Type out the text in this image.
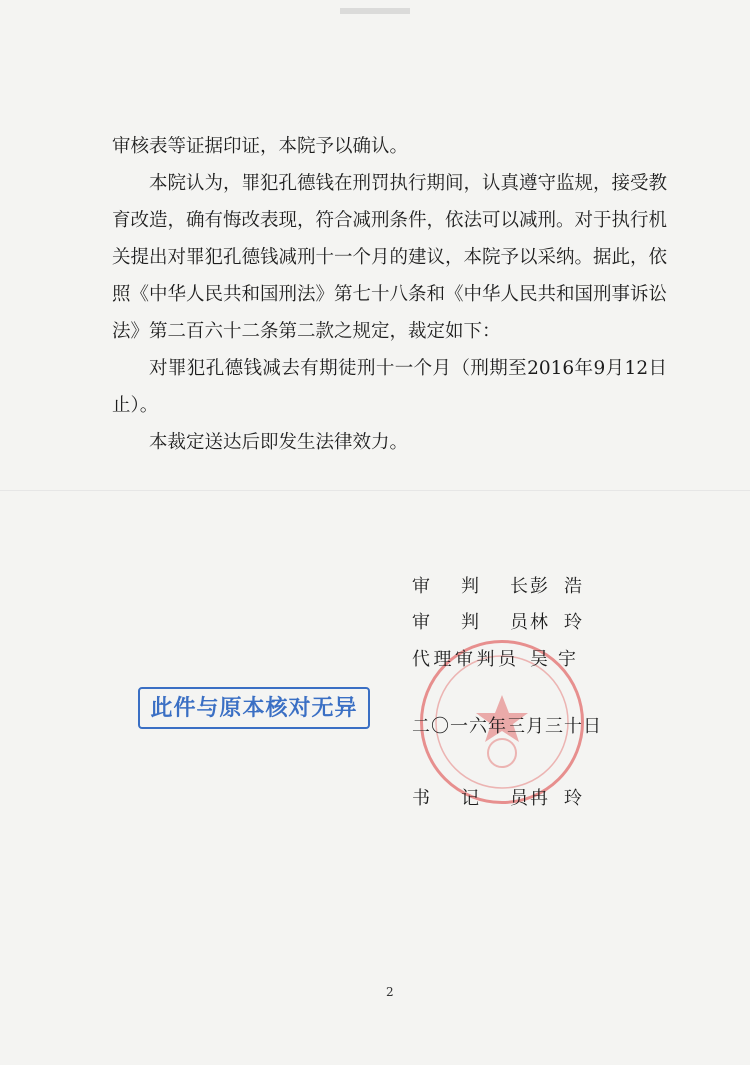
审核表等证据印证，本院予以确认。

本院认为，罪犯孔德钱在刑罚执行期间，认真遵守监规，接受教育改造，确有悔改表现，符合减刑条件，依法可以减刑。对于执行机关提出对罪犯孔德钱减刑十一个月的建议，本院予以采纳。据此，依照《中华人民共和国刑法》第七十八条和《中华人民共和国刑事诉讼法》第二百六十二条第二款之规定，裁定如下：

对罪犯孔德钱减去有期徒刑十一个月（刑期至2016年9月12日止）。

本裁定送达后即发生法律效力。

审判长 彭浩
审判员 林玲
代理审判员 吴宇
此件与原本核对无异
二〇一六年三月三十日
书记员 冉玲
2
